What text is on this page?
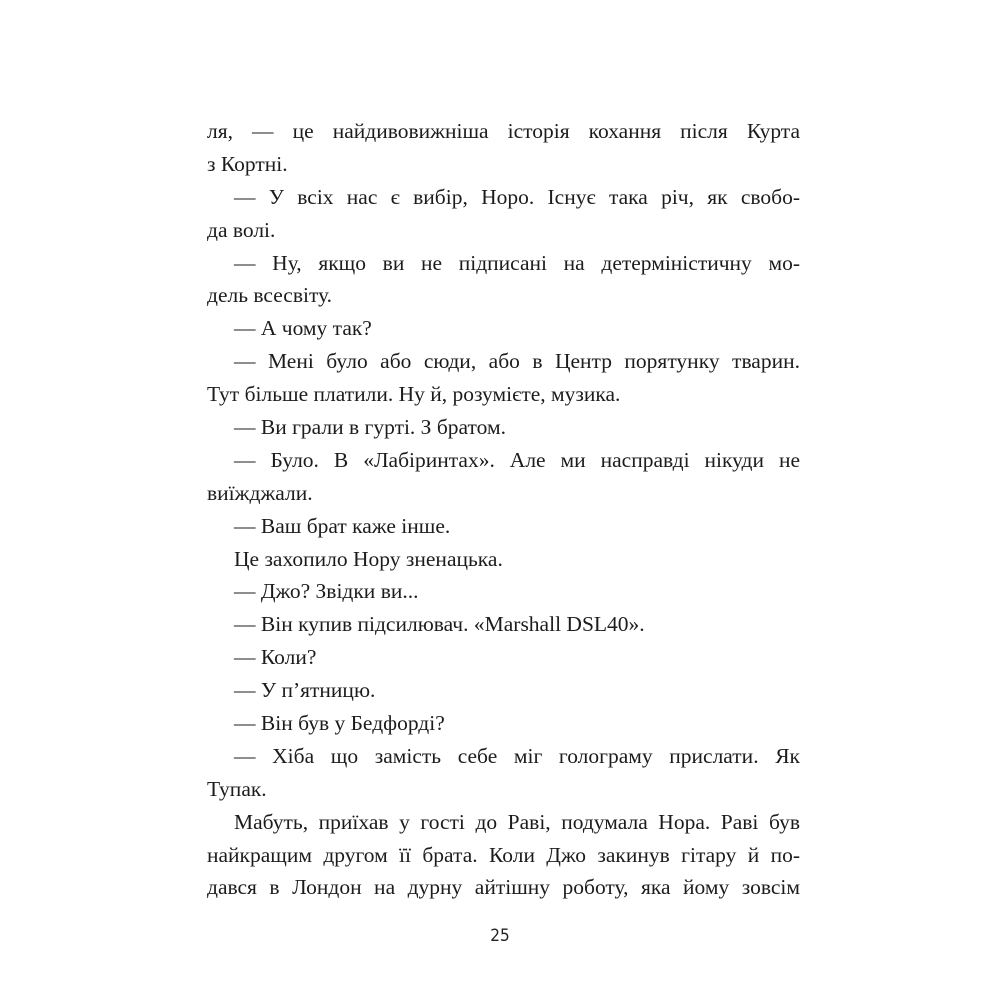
ля, — це найдивовижніша історія кохання після Курта
з Кортні.
— У всіх нас є вибір, Норо. Існує така річ, як свобо-
да волі.
— Ну, якщо ви не підписані на детерміністичну мо-
дель всесвіту.
— А чому так?
— Мені було або сюди, або в Центр порятунку тварин.
Тут більше платили. Ну й, розумієте, музика.
— Ви грали в гурті. З братом.
— Було. В «Лабіринтах». Але ми насправді нікуди не
виїжджали.
— Ваш брат каже інше.
Це захопило Нору зненацька.
— Джо? Звідки ви...
— Він купив підсилювач. «Marshall DSL40».
— Коли?
— У п’ятницю.
— Він був у Бедфорді?
— Хіба що замість себе міг голограму прислати. Як
Тупак.
Мабуть, приїхав у гості до Раві, подумала Нора. Раві був
найкращим другом її брата. Коли Джо закинув гітару й по-
дався в Лондон на дурну айтішну роботу, яка йому зовсім
25
